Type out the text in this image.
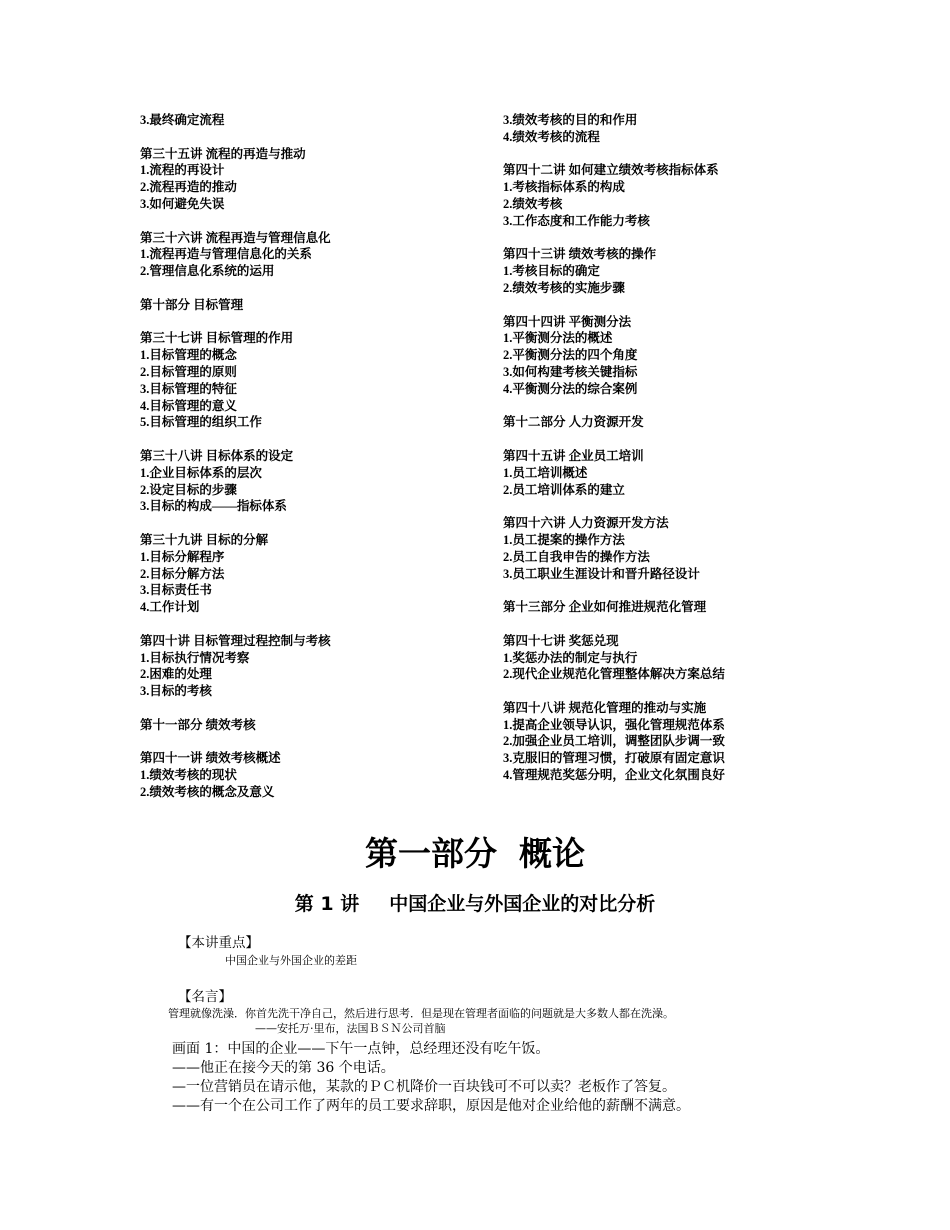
3.最终确定流程
第三十五讲 流程的再造与推动
1.流程的再设计
2.流程再造的推动
3.如何避免失误
第三十六讲 流程再造与管理信息化
1.流程再造与管理信息化的关系
2.管理信息化系统的运用
第十部分 目标管理
第三十七讲 目标管理的作用
1.目标管理的概念
2.目标管理的原则
3.目标管理的特征
4.目标管理的意义
5.目标管理的组织工作
第三十八讲 目标体系的设定
1.企业目标体系的层次
2.设定目标的步骤
3.目标的构成——指标体系
第三十九讲 目标的分解
1.目标分解程序
2.目标分解方法
3.目标责任书
4.工作计划
第四十讲 目标管理过程控制与考核
1.目标执行情况考察
2.困难的处理
3.目标的考核
第十一部分 绩效考核
第四十一讲 绩效考核概述
1.绩效考核的现状
2.绩效考核的概念及意义
3.绩效考核的目的和作用
4.绩效考核的流程
第四十二讲 如何建立绩效考核指标体系
1.考核指标体系的构成
2.绩效考核
3.工作态度和工作能力考核
第四十三讲 绩效考核的操作
1.考核目标的确定
2.绩效考核的实施步骤
第四十四讲 平衡测分法
1.平衡测分法的概述
2.平衡测分法的四个角度
3.如何构建考核关键指标
4.平衡测分法的综合案例
第十二部分 人力资源开发
第四十五讲 企业员工培训
1.员工培训概述
2.员工培训体系的建立
第四十六讲 人力资源开发方法
1.员工提案的操作方法
2.员工自我申告的操作方法
3.员工职业生涯设计和晋升路径设计
第十三部分 企业如何推进规范化管理
第四十七讲 奖惩兑现
1.奖惩办法的制定与执行
2.现代企业规范化管理整体解决方案总结
第四十八讲 规范化管理的推动与实施
1.提高企业领导认识，强化管理规范体系
2.加强企业员工培训，调整团队步调一致
3.克服旧的管理习惯，打破原有固定意识
4.管理规范奖惩分明，企业文化氛围良好
第一部分 概论
第 1 讲 中国企业与外国企业的对比分析
【本讲重点】
中国企业与外国企业的差距
【名言】
管理就像洗澡．你首先洗干净自己，然后进行思考．但是现在管理者面临的问题就是大多数人都在洗澡。
——安托万·里布，法国ＢＳＮ公司首脑
画面 1：中国的企业——下午一点钟，总经理还没有吃午饭。
——他正在接今天的第 36 个电话。
—一位营销员在请示他，某款的ＰＣ机降价一百块钱可不可以卖？老板作了答复。
——有一个在公司工作了两年的员工要求辞职，原因是他对企业给他的薪酬不满意。
